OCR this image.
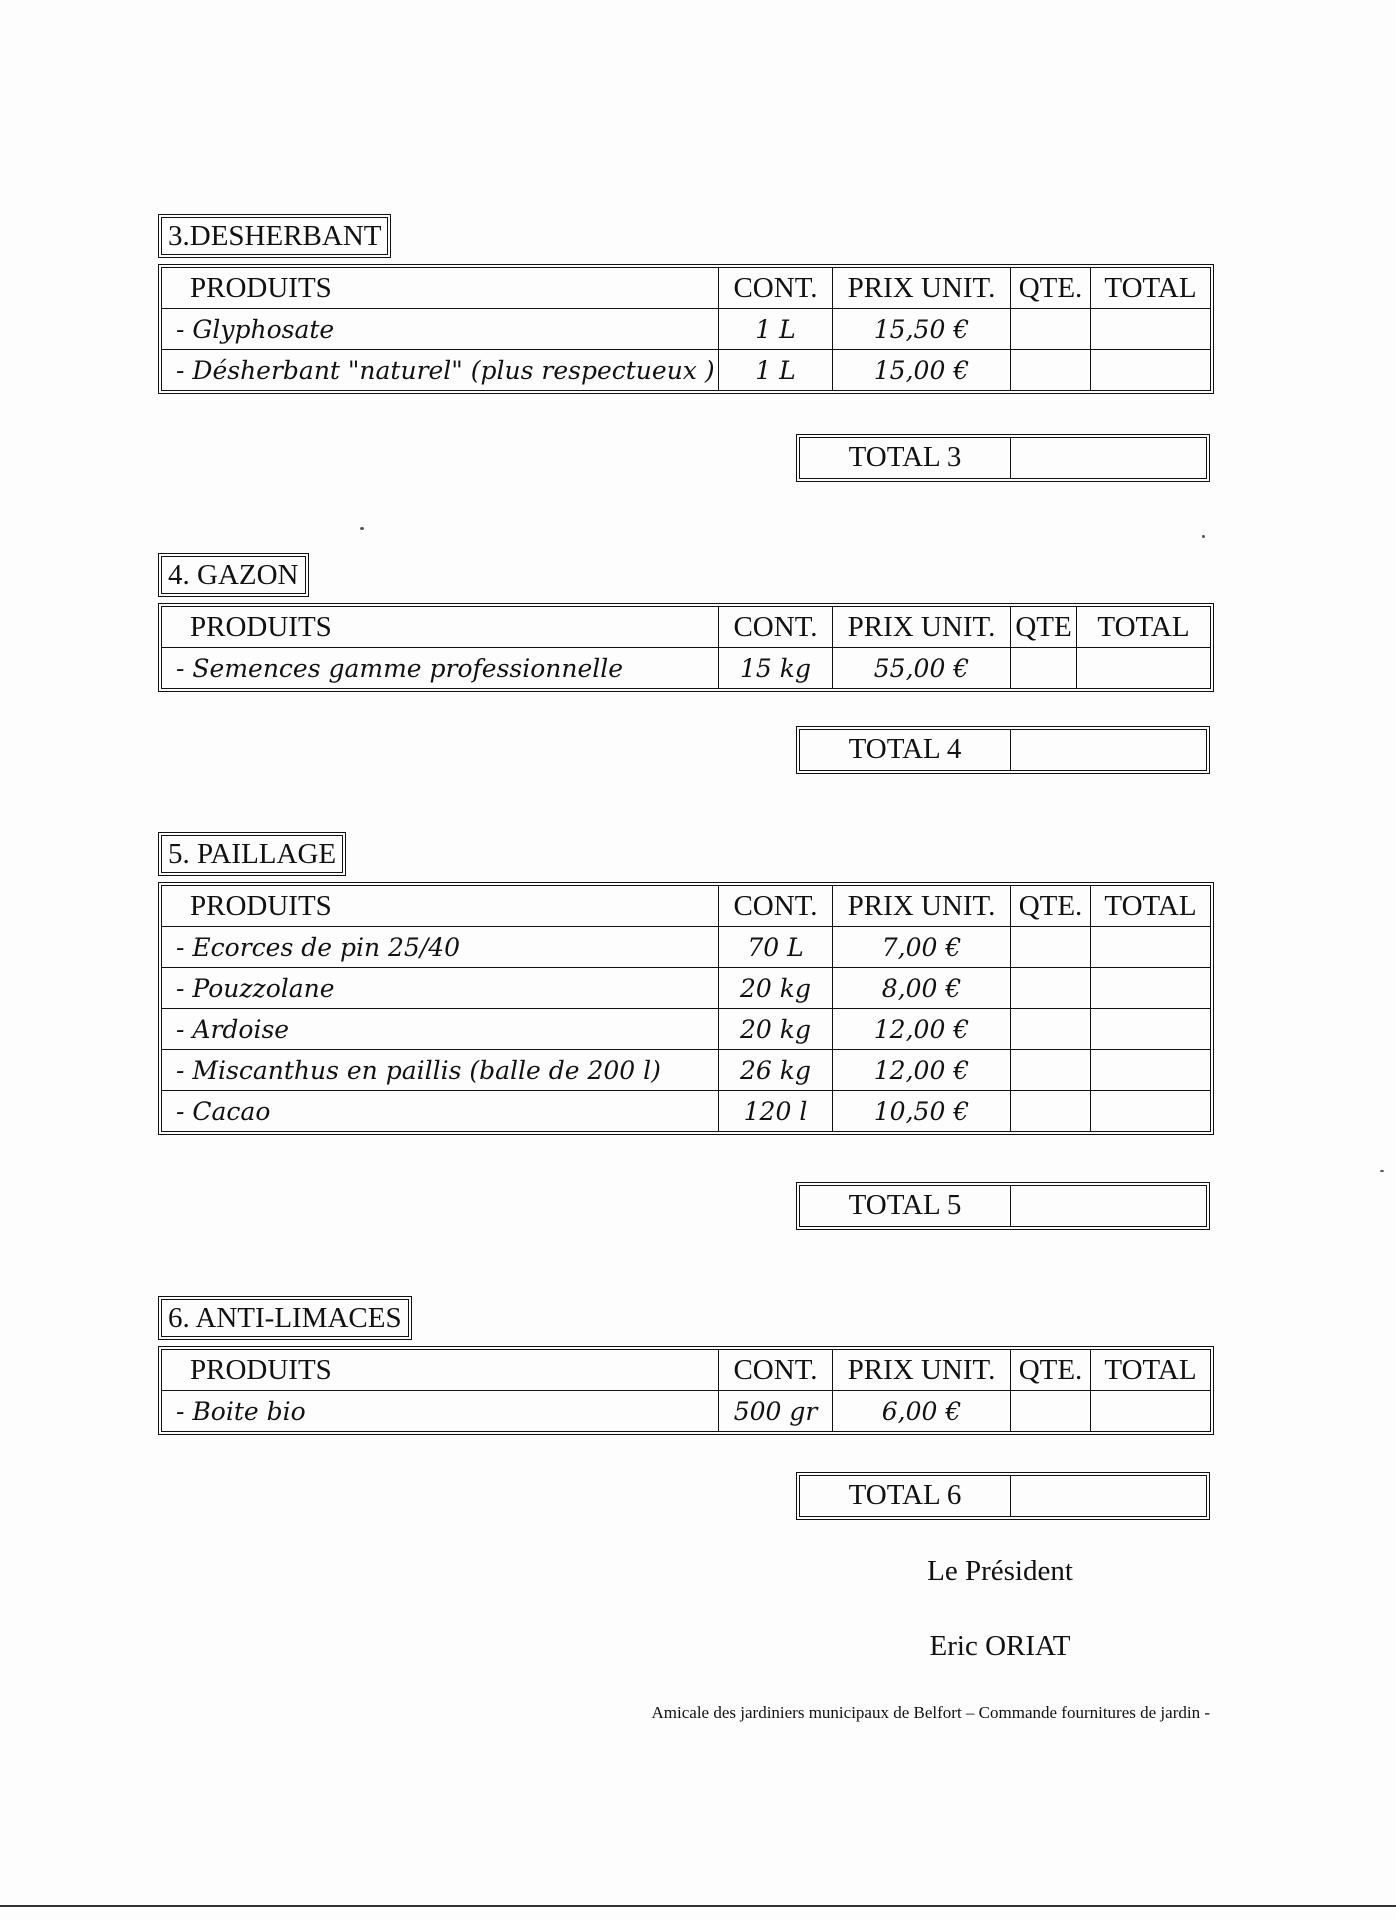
3.DESHERBANT
PRODUITS	CONT.	PRIX UNIT.	QTE.	TOTAL
- Glyphosate	1 L	15,50 €		
- Désherbant "naturel" (plus respectueux )	1 L	15,00 €		
TOTAL 3
4. GAZON
PRODUITS	CONT.	PRIX UNIT.	QTE	TOTAL
- Semences gamme professionnelle	15 kg	55,00 €		
TOTAL 4
5. PAILLAGE
PRODUITS	CONT.	PRIX UNIT.	QTE.	TOTAL
- Ecorces de pin 25/40	70 L	7,00 €		
- Pouzzolane	20 kg	8,00 €		
- Ardoise	20 kg	12,00 €		
- Miscanthus en paillis (balle de 200 l)	26 kg	12,00 €		
- Cacao	120 l	10,50 €		
TOTAL 5
6. ANTI-LIMACES
PRODUITS	CONT.	PRIX UNIT.	QTE.	TOTAL
- Boite bio	500 gr	6,00 €		
TOTAL 6
Le Président
Eric ORIAT
Amicale des jardiniers municipaux de Belfort – Commande fournitures de jardin -
